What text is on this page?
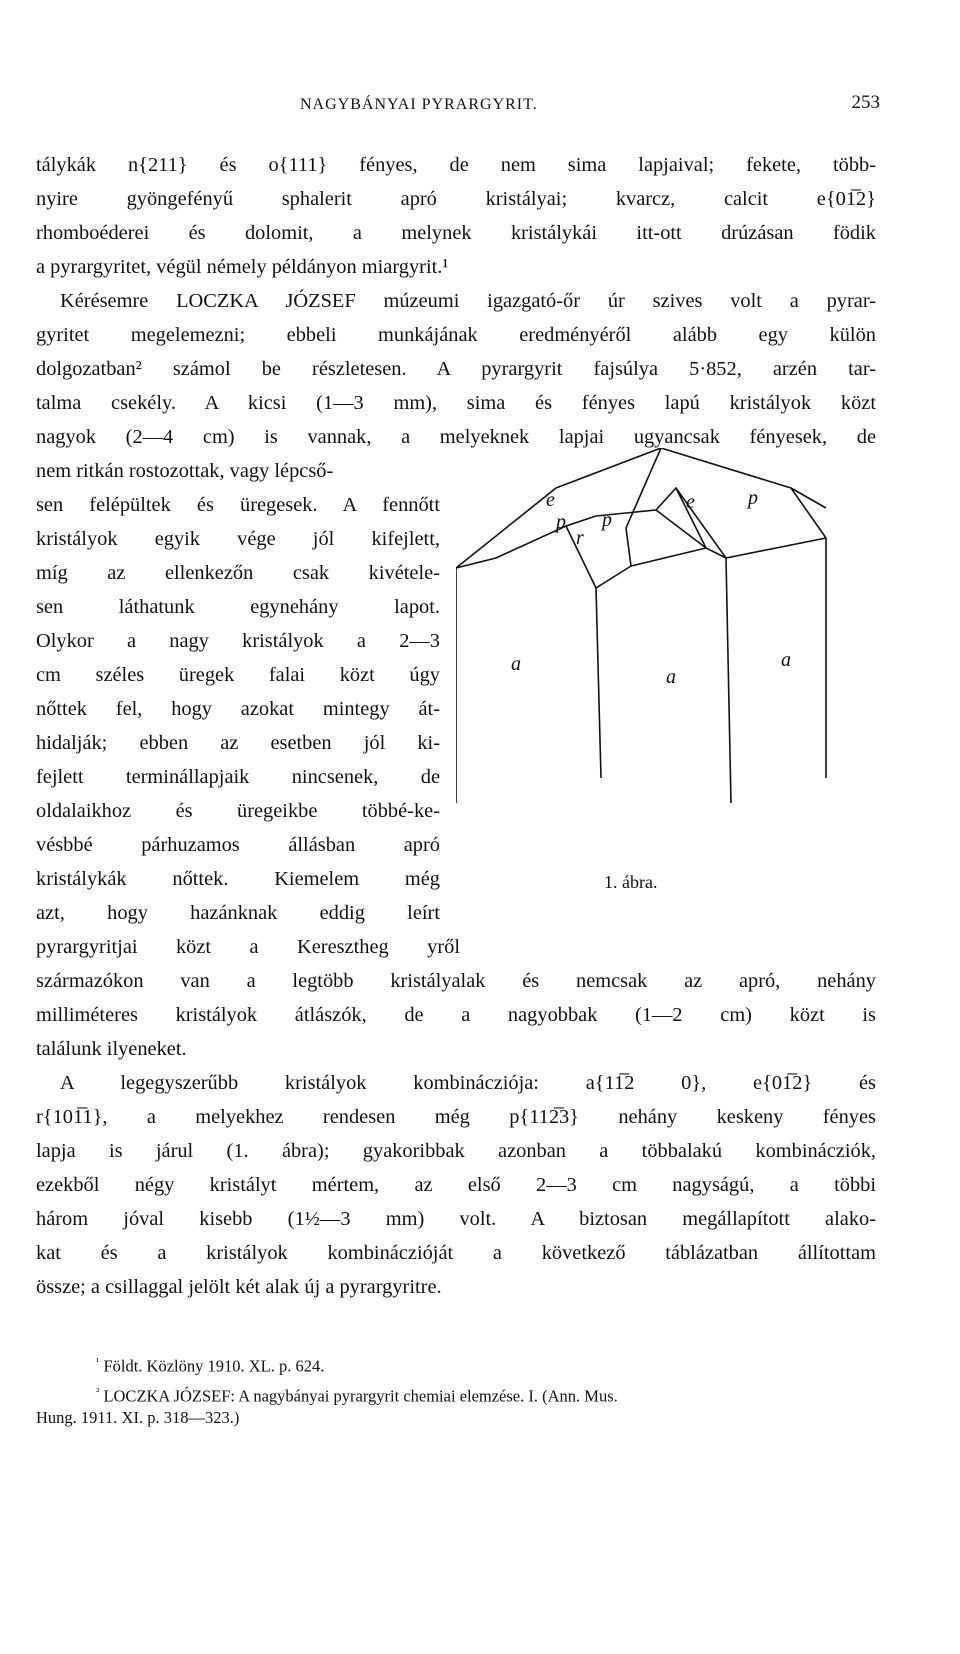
NAGYBÁNYAI PYRARGYRIT.	253
tálykák n{211} és o{111} fényes, de nem sima lapjaival; fekete, több-
nyire gyöngefényű sphalerit apró kristályai; kvarcz, calcit e{01̅2}
rhomboéderei és dolomit, a melynek kristálykái itt-ott drúzásan födik
a pyrargyritet, végül némely példányon miargyrit.¹
Kérésemre LOCZKA JÓZSEF múzeumi igazgató-őr úr szives volt a pyrar-
gyritet megelemezni; ebbeli munkájának eredményéről alább egy külön
dolgozatban² számol be részletesen. A pyrargyrit fajsúlya 5·852, arzén tar-
talma csekély. A kicsi (1—3 mm), sima és fényes lapú kristályok közt
nagyok (2—4 cm) is vannak, a melyeknek lapjai ugyancsak fényesek, de
nem ritkán rostozottak, vagy lépcső-
sen felépültek és üregesek. A fennőtt
kristályok egyik vége jól kifejlett,
míg az ellenkezőn csak kivétele-
sen láthatunk egynehány lapot.
Olykor a nagy kristályok a 2—3
cm széles üregek falai közt úgy
nőttek fel, hogy azokat mintegy át-
hidalják; ebben az esetben jól ki-
fejlett terminállapjaik nincsenek, de
oldalaikhoz és üregeikbe többé-ke-
vésbbé párhuzamos állásban apró
kristálykák nőttek. Kiemelem még
azt, hogy hazánknak eddig leírt
pyrargyritjai közt a Keresztheg yről
származókon van a legtöbb kristályalak és nemcsak az apró, nehány
milliméteres kristályok átlászók, de a nagyobbak (1—2 cm) közt is
találunk ilyeneket.
A legegyszerűbb kristályok kombinácziója: a{11̅2 0}, e{01̅2} és
r{101̅1}, a melyekhez rendesen még p{112̅3} nehány keskeny fényes
lapja is járul (1. ábra); gyakoribbak azonban a többalakú kombinácziók,
ezekből négy kristályt mértem, az első 2—3 cm nagyságú, a többi
három jóval kisebb (1½—3 mm) volt. A biztosan megállapított alako-
kat és a kristályok kombináczióját a következő táblázatban állítottam
össze; a csillaggal jelölt két alak új a pyrargyritre.
e	e
p p
p
r
a
a
a
1. ábra.
$^{^1}$ Földt. Közlöny 1910. XL. p. 624.
$^{^2}$ LOCZKA JÓZSEF: A nagybányai pyrargyrit chemiai elemzése. I. (Ann. Mus.
Hung. 1911. XI. p. 318—323.)
